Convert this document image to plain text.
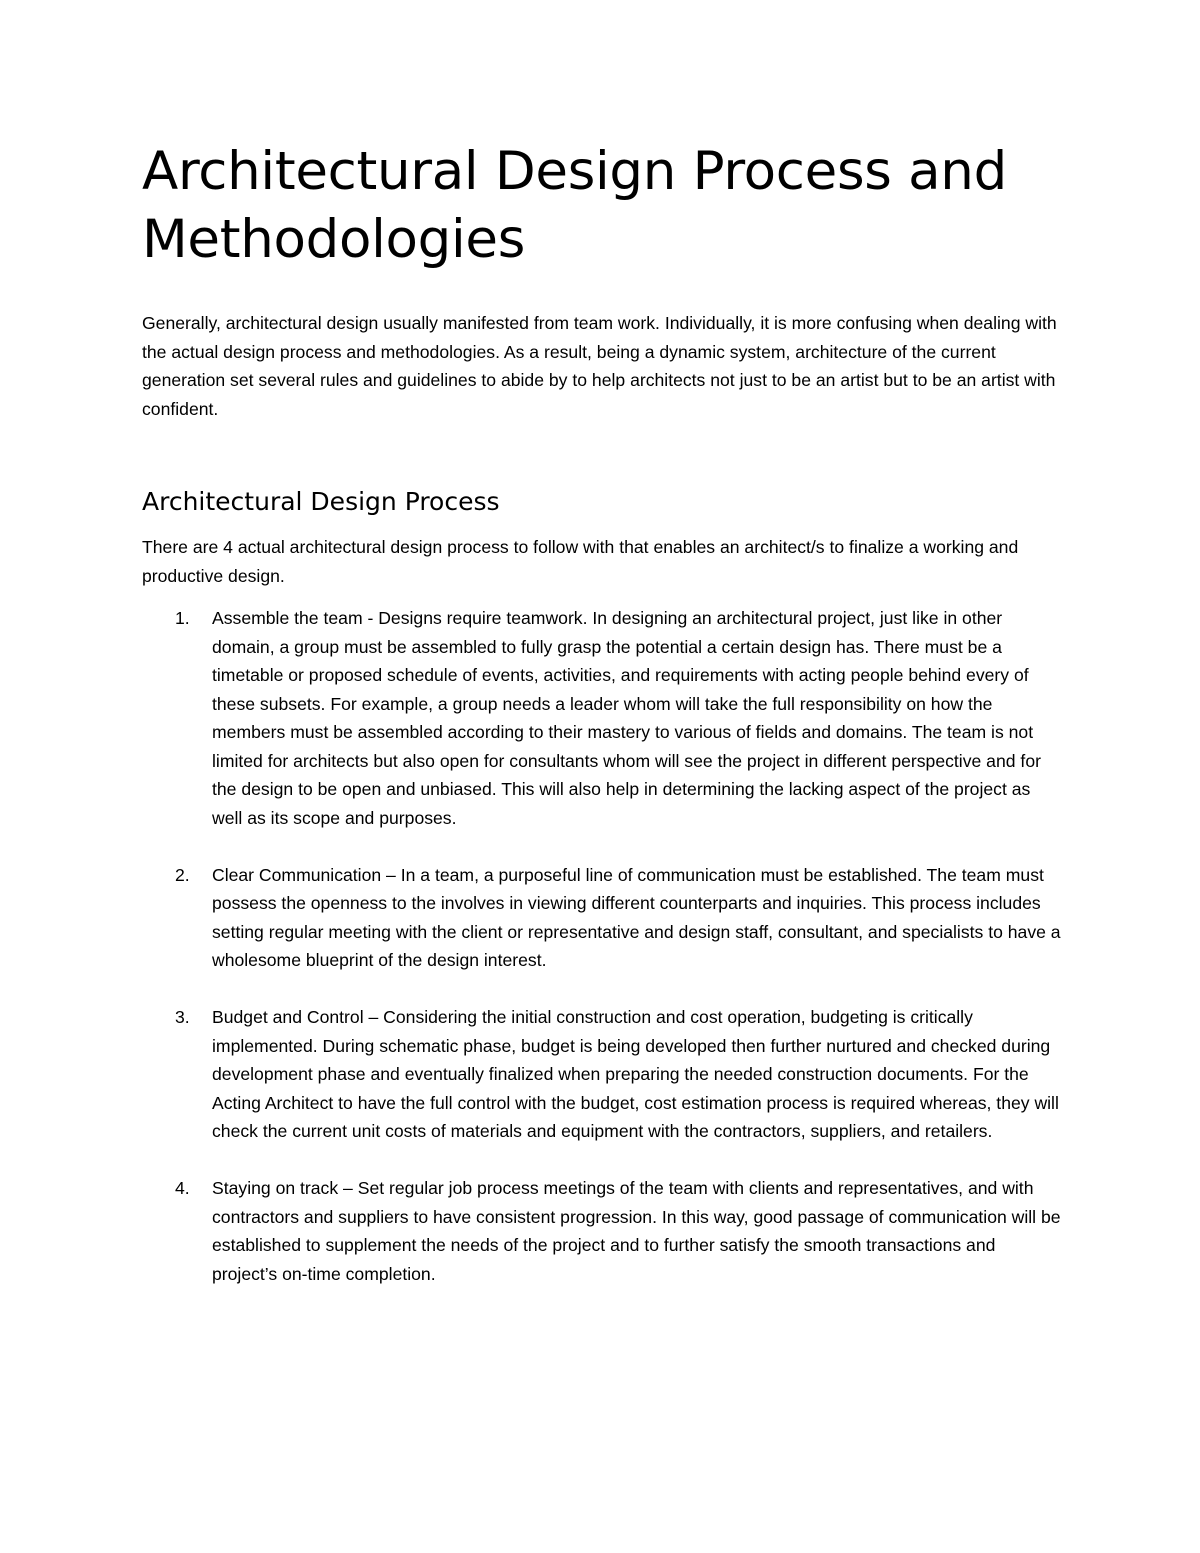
Architectural Design Process and Methodologies

Generally, architectural design usually manifested from team work. Individually, it is more confusing when dealing with the actual design process and methodologies. As a result, being a dynamic system, architecture of the current generation set several rules and guidelines to abide by to help architects not just to be an artist but to be an artist with confident.

Architectural Design Process

There are 4 actual architectural design process to follow with that enables an architect/s to finalize a working and productive design.

1. Assemble the team - Designs require teamwork. In designing an architectural project, just like in other domain, a group must be assembled to fully grasp the potential a certain design has. There must be a timetable or proposed schedule of events, activities, and requirements with acting people behind every of these subsets. For example, a group needs a leader whom will take the full responsibility on how the members must be assembled according to their mastery to various of fields and domains. The team is not limited for architects but also open for consultants whom will see the project in different perspective and for the design to be open and unbiased. This will also help in determining the lacking aspect of the project as well as its scope and purposes.
2. Clear Communication – In a team, a purposeful line of communication must be established. The team must possess the openness to the involves in viewing different counterparts and inquiries. This process includes setting regular meeting with the client or representative and design staff, consultant, and specialists to have a wholesome blueprint of the design interest.
3. Budget and Control – Considering the initial construction and cost operation, budgeting is critically implemented. During schematic phase, budget is being developed then further nurtured and checked during development phase and eventually finalized when preparing the needed construction documents. For the Acting Architect to have the full control with the budget, cost estimation process is required whereas, they will check the current unit costs of materials and equipment with the contractors, suppliers, and retailers.
4. Staying on track – Set regular job process meetings of the team with clients and representatives, and with contractors and suppliers to have consistent progression. In this way, good passage of communication will be established to supplement the needs of the project and to further satisfy the smooth transactions and project’s on-time completion.
